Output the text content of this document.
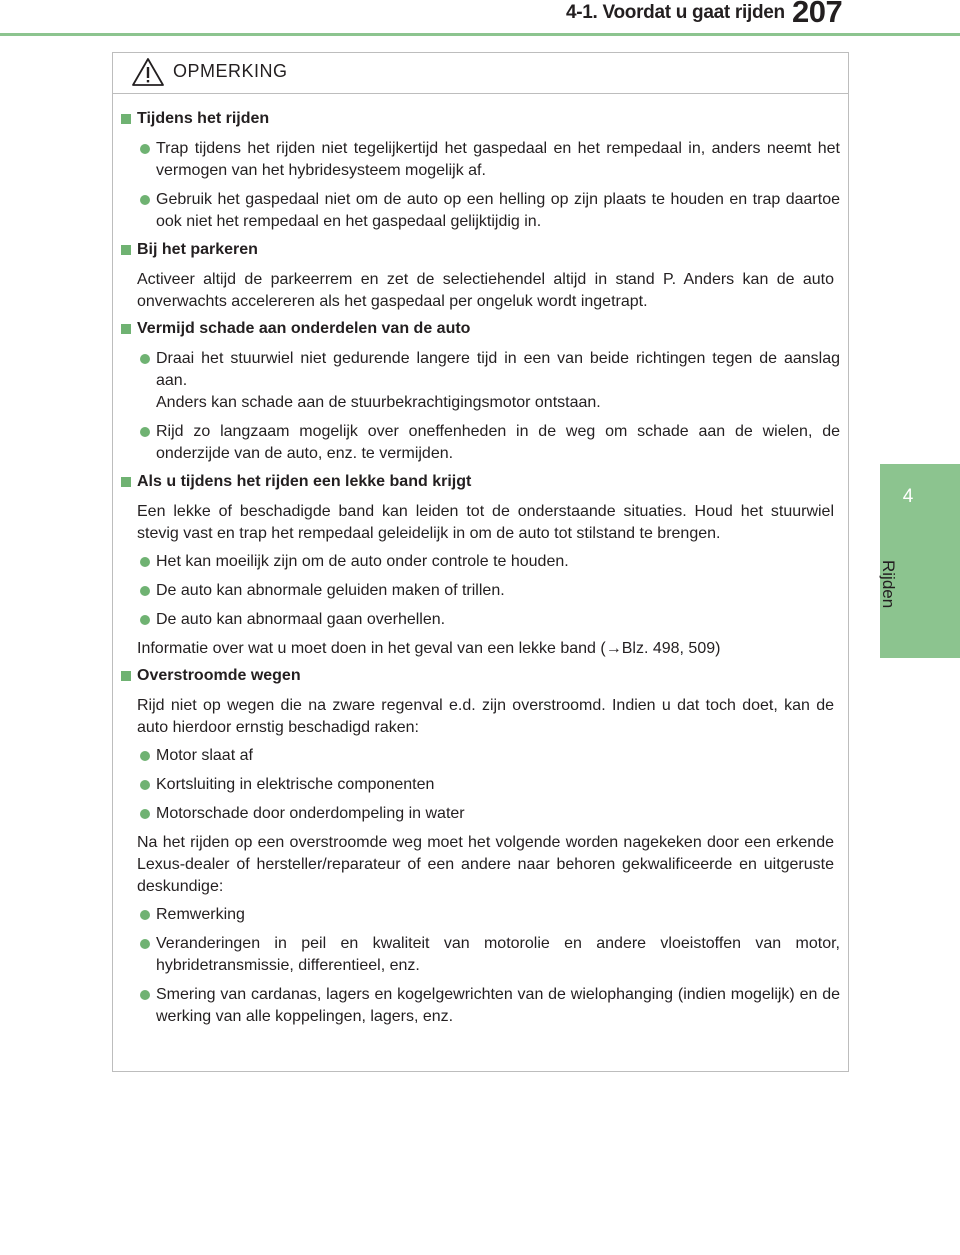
4-1. Voordat u gaat rijden 207
4
Rijden
OPMERKING
Tijdens het rijden
Trap tijdens het rijden niet tegelijkertijd het gaspedaal en het rempedaal in, anders neemt het vermogen van het hybridesysteem mogelijk af.
Gebruik het gaspedaal niet om de auto op een helling op zijn plaats te houden en trap daartoe ook niet het rempedaal en het gaspedaal gelijktijdig in.
Bij het parkeren
Activeer altijd de parkeerrem en zet de selectiehendel altijd in stand P. Anders kan de auto onverwachts accelereren als het gaspedaal per ongeluk wordt ingetrapt.
Vermijd schade aan onderdelen van de auto
Draai het stuurwiel niet gedurende langere tijd in een van beide richtingen tegen de aanslag aan.
Anders kan schade aan de stuurbekrachtigingsmotor ontstaan.
Rijd zo langzaam mogelijk over oneffenheden in de weg om schade aan de wielen, de onderzijde van de auto, enz. te vermijden.
Als u tijdens het rijden een lekke band krijgt
Een lekke of beschadigde band kan leiden tot de onderstaande situaties. Houd het stuurwiel stevig vast en trap het rempedaal geleidelijk in om de auto tot stilstand te brengen.
Het kan moeilijk zijn om de auto onder controle te houden.
De auto kan abnormale geluiden maken of trillen.
De auto kan abnormaal gaan overhellen.
Informatie over wat u moet doen in het geval van een lekke band (→Blz. 498, 509)
Overstroomde wegen
Rijd niet op wegen die na zware regenval e.d. zijn overstroomd. Indien u dat toch doet, kan de auto hierdoor ernstig beschadigd raken:
Motor slaat af
Kortsluiting in elektrische componenten
Motorschade door onderdompeling in water
Na het rijden op een overstroomde weg moet het volgende worden nagekeken door een erkende Lexus-dealer of hersteller/reparateur of een andere naar behoren gekwalificeerde en uitgeruste deskundige:
Remwerking
Veranderingen in peil en kwaliteit van motorolie en andere vloeistoffen van motor, hybridetransmissie, differentieel, enz.
Smering van cardanas, lagers en kogelgewrichten van de wielophanging (indien mogelijk) en de werking van alle koppelingen, lagers, enz.
